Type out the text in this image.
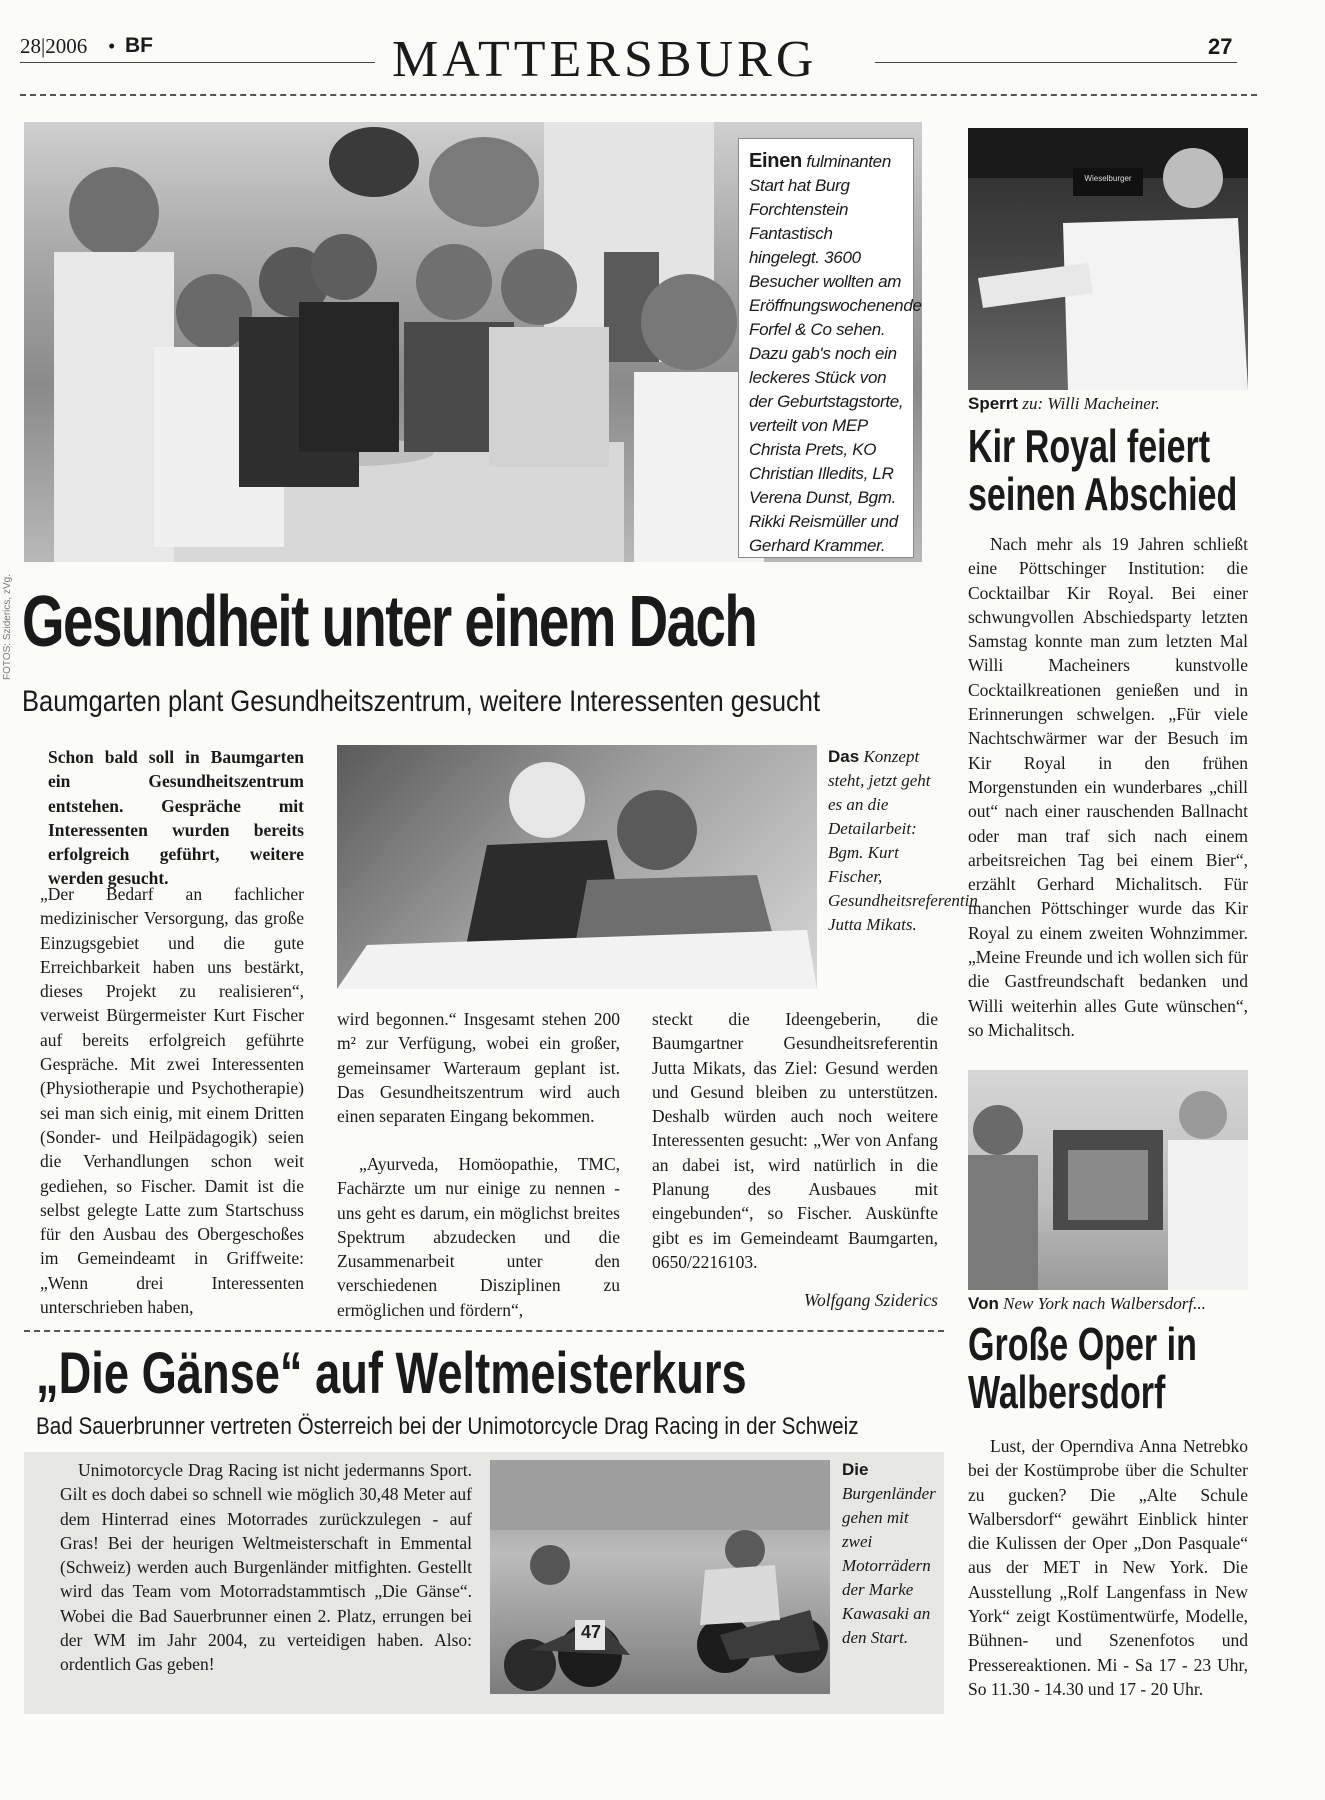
28|2006 • BF	MATTERSBURG	27
FOTOS: Sziderics, zVg.
Einen fulminanten Start hat Burg Forchtenstein Fantastisch hingelegt. 3600 Besucher wollten am Eröffnungswochenende Forfel & Co sehen. Dazu gab's noch ein leckeres Stück von der Geburtstagstorte, verteilt von MEP Christa Prets, KO Christian Illedits, LR Verena Dunst, Bgm. Rikki Reismüller und Gerhard Krammer.
Gesundheit unter einem Dach
Baumgarten plant Gesundheitszentrum, weitere Interessenten gesucht
Schon bald soll in Baumgarten ein Gesundheitszentrum entstehen. Gespräche mit Interessenten wurden bereits erfolgreich geführt, weitere werden gesucht.
„Der Bedarf an fachlicher medizinischer Versorgung, das große Einzugsgebiet und die gute Erreichbarkeit haben uns bestärkt, dieses Projekt zu realisieren“, verweist Bürgermeister Kurt Fischer auf bereits erfolgreich geführte Gespräche. Mit zwei Interessenten (Physiotherapie und Psychotherapie) sei man sich einig, mit einem Dritten (Sonder- und Heilpädagogik) seien die Verhandlungen schon weit gediehen, so Fischer. Damit ist die selbst gelegte Latte zum Startschuss für den Ausbau des Obergeschoßes im Gemeindeamt in Griffweite: „Wenn drei Interessenten unterschrieben haben,
Das Konzept steht, jetzt geht es an die Detailarbeit: Bgm. Kurt Fischer, Gesundheitsreferentin Jutta Mikats.
wird begonnen.“ Insgesamt stehen 200 m² zur Verfügung, wobei ein großer, gemeinsamer Warteraum geplant ist. Das Gesundheitszentrum wird auch einen separaten Eingang bekommen.
„Ayurveda, Homöopathie, TMC, Fachärzte um nur einige zu nennen - uns geht es darum, ein möglichst breites Spektrum abzudecken und die Zusammenarbeit unter den verschiedenen Disziplinen zu ermöglichen und fördern“,
steckt die Ideengeberin, die Baumgartner Gesundheitsreferentin Jutta Mikats, das Ziel: Gesund werden und Gesund bleiben zu unterstützen. Deshalb würden auch noch weitere Interessenten gesucht: „Wer von Anfang an dabei ist, wird natürlich in die Planung des Ausbaues mit eingebunden“, so Fischer. Auskünfte gibt es im Gemeindeamt Baumgarten, 0650/2216103.
Wolfgang Sziderics
Wieselburger
Sperrt zu: Willi Macheiner.
Kir Royal feiert
seinen Abschied
Nach mehr als 19 Jahren schließt eine Pöttschinger Institution: die Cocktailbar Kir Royal. Bei einer schwungvollen Abschiedsparty letzten Samstag konnte man zum letzten Mal Willi Macheiners kunstvolle Cocktailkreationen genießen und in Erinnerungen schwelgen. „Für viele Nachtschwärmer war der Besuch im Kir Royal in den frühen Morgenstunden ein wunderbares „chill out“ nach einer rauschenden Ballnacht oder man traf sich nach einem arbeitsreichen Tag bei einem Bier“, erzählt Gerhard Michalitsch. Für manchen Pöttschinger wurde das Kir Royal zu einem zweiten Wohnzimmer. „Meine Freunde und ich wollen sich für die Gastfreundschaft bedanken und Willi weiterhin alles Gute wünschen“, so Michalitsch.
Von New York nach Walbersdorf...
Große Oper in
Walbersdorf
Lust, der Operndiva Anna Netrebko bei der Kostümprobe über die Schulter zu gucken? Die „Alte Schule Walbersdorf“ gewährt Einblick hinter die Kulissen der Oper „Don Pasquale“ aus der MET in New York. Die Ausstellung „Rolf Langenfass in New York“ zeigt Kostümentwürfe, Modelle, Bühnen- und Szenenfotos und Pressereaktionen. Mi - Sa 17 - 23 Uhr, So 11.30 - 14.30 und 17 - 20 Uhr.
„Die Gänse“ auf Weltmeisterkurs
Bad Sauerbrunner vertreten Österreich bei der Unimotorcycle Drag Racing in der Schweiz
Unimotorcycle Drag Racing ist nicht jedermanns Sport. Gilt es doch dabei so schnell wie möglich 30,48 Meter auf dem Hinterrad eines Motorrades zurückzulegen - auf Gras! Bei der heurigen Weltmeisterschaft in Emmental (Schweiz) werden auch Burgenländer mitfighten. Gestellt wird das Team vom Motorradstammtisch „Die Gänse“. Wobei die Bad Sauerbrunner einen 2. Platz, errungen bei der WM im Jahr 2004, zu verteidigen haben. Also: ordentlich Gas geben!
47
Die Burgenländer gehen mit zwei Motorrädern der Marke Kawasaki an den Start.
